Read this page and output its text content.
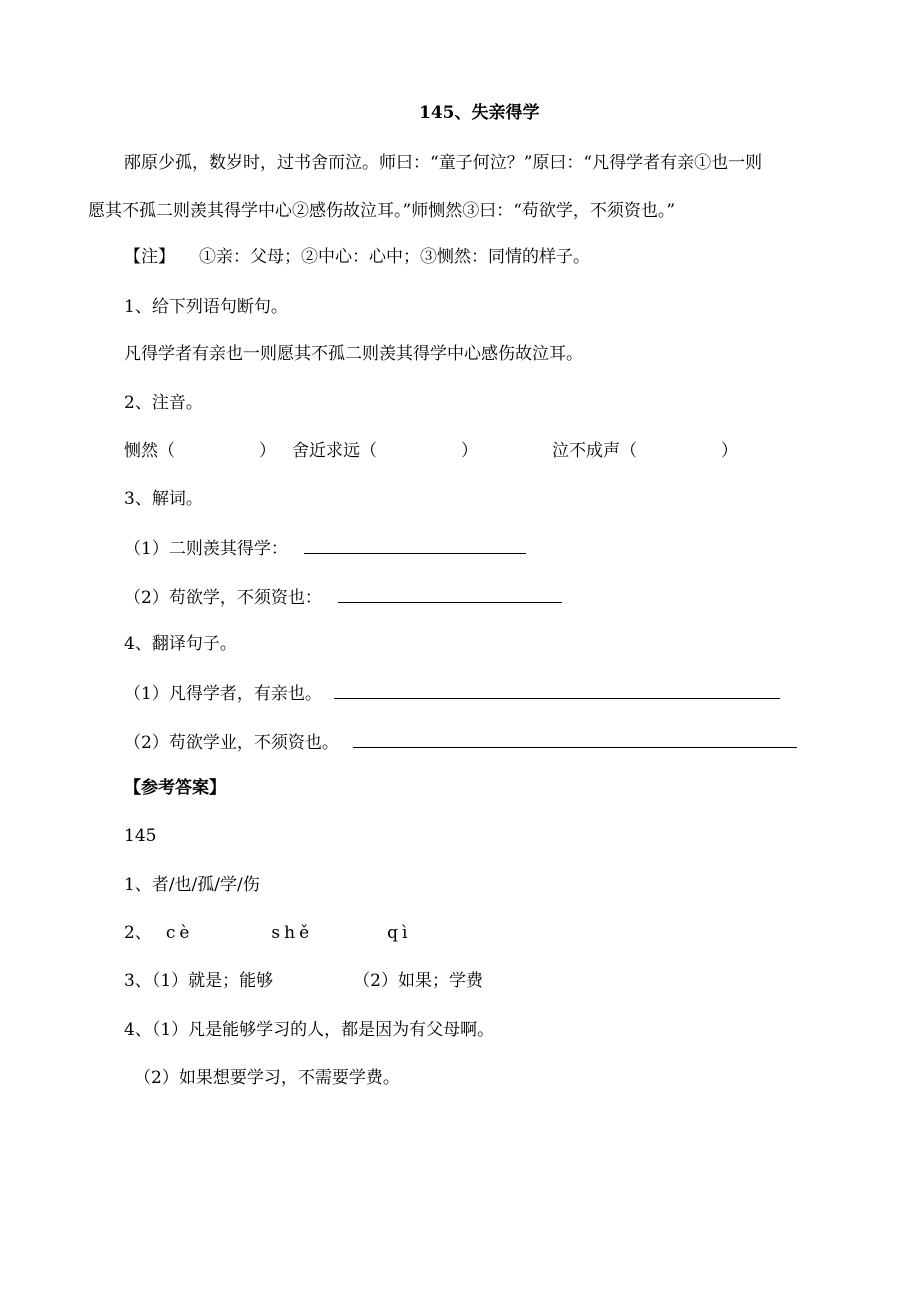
145、失亲得学
邴原少孤，数岁时，过书舍而泣。师曰：“童子何泣？”原曰：“凡得学者有亲①也一则
愿其不孤二则羡其得学中心②感伤故泣耳。”师恻然③曰：“苟欲学，不须资也。”
【注】 ①亲：父母；②中心：心中；③恻然：同情的样子。
1、给下列语句断句。
凡得学者有亲也一则愿其不孤二则羡其得学中心感伤故泣耳。
2、注音。
恻然（	） 舍近求远（	）	泣不成声（	）
3、解词。
（1）二则羡其得学：
（2）苟欲学，不须资也：
4、翻译句子。
（1）凡得学者，有亲也。
（2）苟欲学业，不须资也。
【参考答案】
145
1、者/也/孤/学/伤
2、 cè	shě	qì
3、（1）就是；能够	（2）如果；学费
4、（1）凡是能够学习的人，都是因为有父母啊。
（2）如果想要学习，不需要学费。
